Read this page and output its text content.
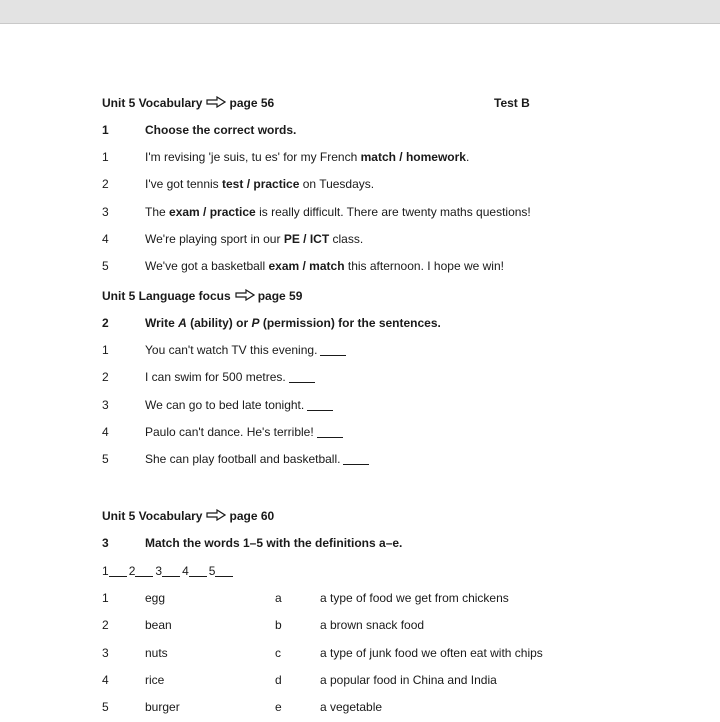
Unit 5 Vocabulary page 56	Test B
1	Choose the correct words.
1	I'm revising 'je suis, tu es' for my French match / homework.
2	I've got tennis test / practice on Tuesdays.
3	The exam / practice is really difficult. There are twenty maths questions!
4	We're playing sport in our PE / ICT class.
5	We've got a basketball exam / match this afternoon. I hope we win!
Unit 5 Language focus page 59
2	Write A (ability) or P (permission) for the sentences.
1	You can't watch TV this evening.
2	I can swim for 500 metres.
3	We can go to bed late tonight.
4	Paulo can't dance. He's terrible!
5	She can play football and basketball.
Unit 5 Vocabulary page 60
3	Match the words 1–5 with the definitions a–e.
1 2 3 4 5
1	egg	a	a type of food we get from chickens
2	bean	b	a brown snack food
3	nuts	c	a type of junk food we often eat with chips
4	rice	d	a popular food in China and India
5	burger	e	a vegetable
